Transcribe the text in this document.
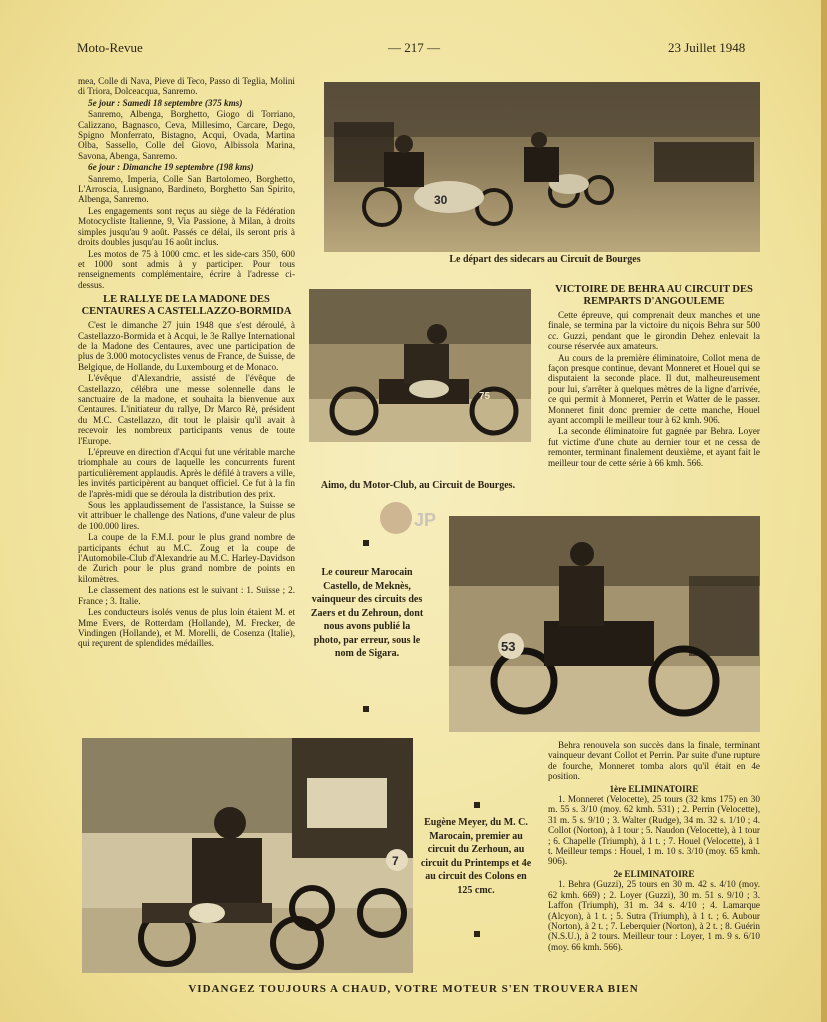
Moto-Revue	— 217 —	23 Juillet 1948

mea, Colle di Nava, Pieve di Teco, Passo di Teglia, Molini di Triora, Dolceacqua, Sanremo.

5e jour : Samedi 18 septembre (375 kms)

Sanremo, Albenga, Borghetto, Giogo di Torriano, Calizzano, Bagnasco, Ceva, Millesimo, Carcare, Dego, Spigno Monferrato, Bistagno, Acqui, Ovada, Martina Olba, Sassello, Colle del Giovo, Albissola Marina, Savona, Abenga, Sanremo.

6e jour : Dimanche 19 septembre (198 kms)

Sanremo, Imperia, Colle San Bartolomeo, Borghetto, L'Arroscia, Lusignano, Bardineto, Borghetto San Spirito, Albenga, Sanremo.

Les engagements sont reçus au siège de la Fédération Motocycliste Italienne, 9, Via Passione, à Milan, à droits simples jusqu'au 9 août. Passés ce délai, ils seront pris à droits doubles jusqu'au 16 août inclus.

Les motos de 75 à 1000 cmc. et les side-cars 350, 600 et 1000 sont admis à y participer. Pour tous renseignements complémentaire, écrire à l'adresse ci-dessus.

LE RALLYE DE LA MADONE DES CENTAURES A CASTELLAZZO-BORMIDA

C'est le dimanche 27 juin 1948 que s'est déroulé, à Castellazzo-Bormida et à Acqui, le 3e Rallye International de la Madone des Centaures, avec une participation de plus de 3.000 motocyclistes venus de France, de Suisse, de Belgique, de Hollande, du Luxembourg et de Monaco.

L'évêque d'Alexandrie, assisté de l'évêque de Castellazzo, célébra une messe solennelle dans le sanctuaire de la madone, et souhaita la bienvenue aux Centaures. L'initiateur du rallye, Dr Marco Rè, président du M.C. Castellazzo, dit tout le plaisir qu'il avait à recevoir les nombreux participants venus de toute l'Europe.

L'épreuve en direction d'Acqui fut une véritable marche triomphale au cours de laquelle les concurrents furent particulièrement applaudis. Après le défilé à travers a ville, les invités participèrent au banquet officiel. Ce fut à la fin de l'après-midi que se déroula la distribution des prix.

Sous les applaudissement de l'assistance, la Suisse se vit attribuer le challenge des Nations, d'une valeur de plus de 100.000 lires.

La coupe de la F.M.I. pour le plus grand nombre de participants échut au M.C. Zoug et la coupe de l'Automobile-Club d'Alexandrie au M.C. Harley-Davidson de Zurich pour le plus grand nombre de points en kilomètres.

Le classement des nations est le suivant : 1. Suisse ; 2. France ; 3. Italie.

Les conducteurs isolés venus de plus loin étaient M. et Mme Evers, de Rotterdam (Hollande), M. Frecker, de Vindingen (Hollande), et M. Morelli, de Cosenza (Italie), qui reçurent de splendides médailles.

30
Le départ des sidecars au Circuit de Bourges
75
Aimo, du Motor-Club, au Circuit de Bourges.
JP
VICTOIRE DE BEHRA AU CIRCUIT DES REMPARTS D'ANGOULEME

Cette épreuve, qui comprenait deux manches et une finale, se termina par la victoire du niçois Behra sur 500 cc. Guzzi, pendant que le girondin Dehez enlevait la course réservée aux amateurs.

Au cours de la première éliminatoire, Collot mena de façon presque continue, devant Monneret et Houel qui se disputaient la seconde place. Il dut, malheureusement pour lui, s'arrêter à quelques mètres de la ligne d'arrivée, ce qui permit à Monneret, Perrin et Watter de le passer. Monneret finit donc premier de cette manche, Houel ayant accompli le meilleur tour à 62 kmh. 906.

La seconde éliminatoire fut gagnée par Behra. Loyer fut victime d'une chute au dernier tour et ne cessa de remonter, terminant finalement deuxième, et ayant fait le meilleur tour de cette série à 66 kmh. 566.

53
Le coureur Marocain Castello, de Meknès, vainqueur des circuits des Zaers et du Zehroun, dont nous avons publié la photo, par erreur, sous le nom de Sigara.
7
Eugène Meyer, du M. C. Marocain, premier au circuit du Zerhoun, au circuit du Printemps et 4e au circuit des Colons en 125 cmc.

Behra renouvela son succès dans la finale, terminant vainqueur devant Collot et Perrin. Par suite d'une rupture de fourche, Monneret tomba alors qu'il était en 4e position.

1ère ELIMINATOIRE

1. Monneret (Velocette), 25 tours (32 kms 175) en 30 m. 55 s. 3/10 (moy. 62 kmh. 531) ; 2. Perrin (Velocette), 31 m. 5 s. 9/10 ; 3. Walter (Rudge), 34 m. 32 s. 1/10 ; 4. Collot (Norton), à 1 tour ; 5. Naudon (Velocette), à 1 tour ; 6. Chapelle (Triumph), à 1 t. ; 7. Houel (Velocette), à 1 t. Meilleur temps : Houel, 1 m. 10 s. 3/10 (moy. 65 kmh. 906).

2e ELIMINATOIRE

1. Behra (Guzzi), 25 tours en 30 m. 42 s. 4/10 (moy. 62 kmh. 669) ; 2. Loyer (Guzzi), 30 m. 51 s. 9/10 ; 3. Laffon (Triumph), 31 m. 34 s. 4/10 ; 4. Lamarque (Alcyon), à 1 t. ; 5. Sutra (Triumph), à 1 t. ; 6. Aubour (Norton), à 2 t. ; 7. Leberquier (Norton), à 2 t. ; 8. Guérin (N.S.U.), à 2 tours. Meilleur tour : Loyer, 1 m. 9 s. 6/10 (moy. 66 kmh. 566).

VIDANGEZ TOUJOURS A CHAUD, VOTRE MOTEUR S'EN TROUVERA BIEN
